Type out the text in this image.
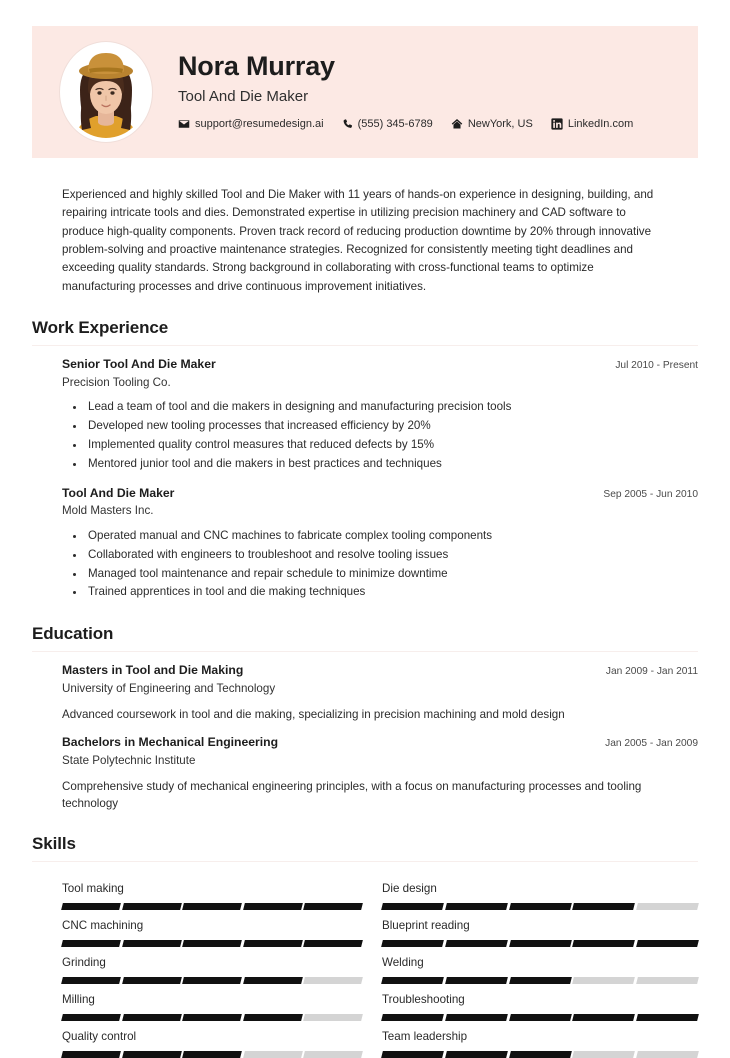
Nora Murray
Tool And Die Maker
support@resumedesign.ai	(555) 345-6789	NewYork, US	LinkedIn.com
Experienced and highly skilled Tool and Die Maker with 11 years of hands-on experience in designing, building, and repairing intricate tools and dies. Demonstrated expertise in utilizing precision machinery and CAD software to produce high-quality components. Proven track record of reducing production downtime by 20% through innovative problem-solving and proactive maintenance strategies. Recognized for consistently meeting tight deadlines and exceeding quality standards. Strong background in collaborating with cross-functional teams to optimize manufacturing processes and drive continuous improvement initiatives.
Work Experience
Senior Tool And Die Maker	Jul 2010 - Present
Precision Tooling Co.
• Lead a team of tool and die makers in designing and manufacturing precision tools
• Developed new tooling processes that increased efficiency by 20%
• Implemented quality control measures that reduced defects by 15%
• Mentored junior tool and die makers in best practices and techniques
Tool And Die Maker	Sep 2005 - Jun 2010
Mold Masters Inc.
• Operated manual and CNC machines to fabricate complex tooling components
• Collaborated with engineers to troubleshoot and resolve tooling issues
• Managed tool maintenance and repair schedule to minimize downtime
• Trained apprentices in tool and die making techniques
Education
Masters in Tool and Die Making	Jan 2009 - Jan 2011
University of Engineering and Technology
Advanced coursework in tool and die making, specializing in precision machining and mold design
Bachelors in Mechanical Engineering	Jan 2005 - Jan 2009
State Polytechnic Institute
Comprehensive study of mechanical engineering principles, with a focus on manufacturing processes and tooling technology
Skills
Tool making	Die design
CNC machining	Blueprint reading
Grinding	Welding
Milling	Troubleshooting
Quality control	Team leadership
